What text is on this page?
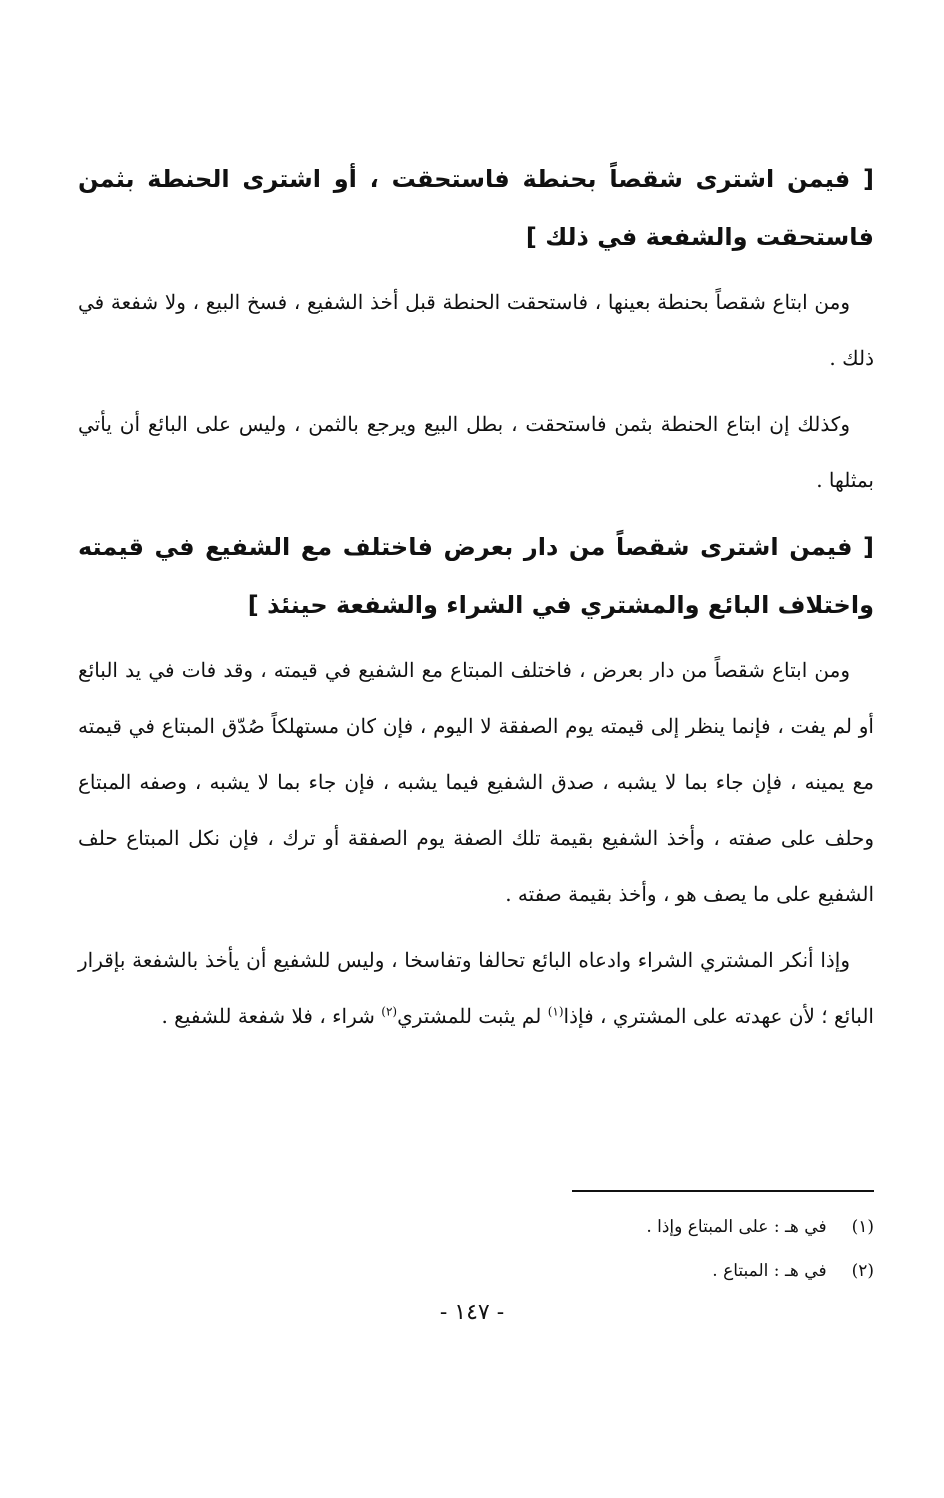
[ فيمن اشترى شقصاً بحنطة فاستحقت ، أو اشترى الحنطة بثمن فاستحقت والشفعة في ذلك ]

ومن ابتاع شقصاً بحنطة بعينها ، فاستحقت الحنطة قبل أخذ الشفيع ، فسخ البيع ، ولا شفعة في ذلك .

وكذلك إن ابتاع الحنطة بثمن فاستحقت ، بطل البيع ويرجع بالثمن ، وليس على البائع أن يأتي بمثلها .

[ فيمن اشترى شقصاً من دار بعرض فاختلف مع الشفيع في قيمته واختلاف البائع والمشتري في الشراء والشفعة حينئذ ]

ومن ابتاع شقصاً من دار بعرض ، فاختلف المبتاع مع الشفيع في قيمته ، وقد فات في يد البائع أو لم يفت ، فإنما ينظر إلى قيمته يوم الصفقة لا اليوم ، فإن كان مستهلكاً صُدّق المبتاع في قيمته مع يمينه ، فإن جاء بما لا يشبه ، صدق الشفيع فيما يشبه ، فإن جاء بما لا يشبه ، وصفه المبتاع وحلف على صفته ، وأخذ الشفيع بقيمة تلك الصفة يوم الصفقة أو ترك ، فإن نكل المبتاع حلف الشفيع على ما يصف هو ، وأخذ بقيمة صفته .

وإذا أنكر المشتري الشراء وادعاه البائع تحالفا وتفاسخا ، وليس للشفيع أن يأخذ بالشفعة بإقرار البائع ؛ لأن عهدته على المشتري ، فإذا$^{(١)}$ لم يثبت للمشتري$^{(٢)}$ شراء ، فلا شفعة للشفيع .

(١) في هـ : على المبتاع وإذا .
(٢) في هـ : المبتاع .
- ١٤٧ -
